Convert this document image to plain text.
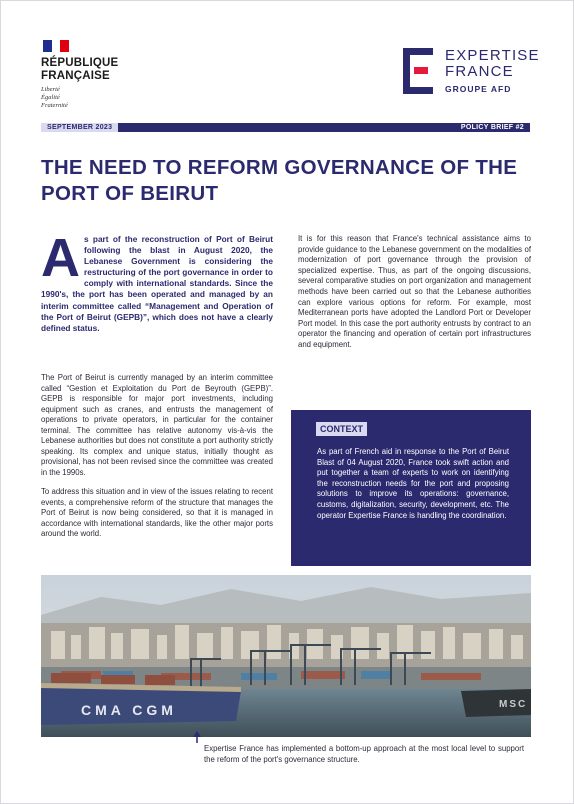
RÉPUBLIQUE
FRANÇAISE
Liberté
Égalité
Fraternité
EXPERTISE
FRANCE
GROUPE AFD
SEPTEMBER 2023	POLICY BRIEF #2
THE NEED TO REFORM GOVERNANCE OF THE
PORT OF BEIRUT
As part of the reconstruction of Port of Beirut following the blast in August 2020, the Lebanese Government is considering the restructuring of the port governance in order to comply with international standards. Since the 1990's, the port has been operated and managed by an interim committee called “Management and Operation of the Port of Beirut (GEPB)”, which does not have a clearly defined status.

The Port of Beirut is currently managed by an interim committee called “Gestion et Exploitation du Port de Beyrouth (GEPB)”. GEPB is responsible for major port investments, including equipment such as cranes, and entrusts the management of operations to private operators, in particular for the container terminal. The committee has relative autonomy vis-à-vis the Lebanese authorities but does not constitute a port authority strictly speaking. Its complex and unique status, initially thought as provisional, has not been revised since the committee was created in the 1990s.

To address this situation and in view of the issues relating to recent events, a comprehensive reform of the structure that manages the Port of Beirut is now being considered, so that it is managed in accordance with international standards, like the other major ports around the world.

It is for this reason that France's technical assistance aims to provide guidance to the Lebanese government on the modalities of modernization of port governance through the provision of specialized expertise. Thus, as part of the ongoing discussions, several comparative studies on port organization and management methods have been carried out so that the Lebanese authorities can explore various options for reform. For example, most Mediterranean ports have adopted the Landlord Port or Developer Port model. In this case the port authority entrusts by contract to an operator the financing and operation of certain port infrastructures and equipment.

CONTEXT

As part of French aid in response to the Port of Beirut Blast of 04 August 2020, France took swift action and put together a team of experts to work on identifying the reconstruction needs for the port and proposing solutions to improve its operations: governance, customs, digitalization, security, development, etc. The operator Expertise France is handling the coordination.

CMA CGM	MSC

Expertise France has implemented a bottom-up approach at the most local level to support the reform of the port's governance structure.
